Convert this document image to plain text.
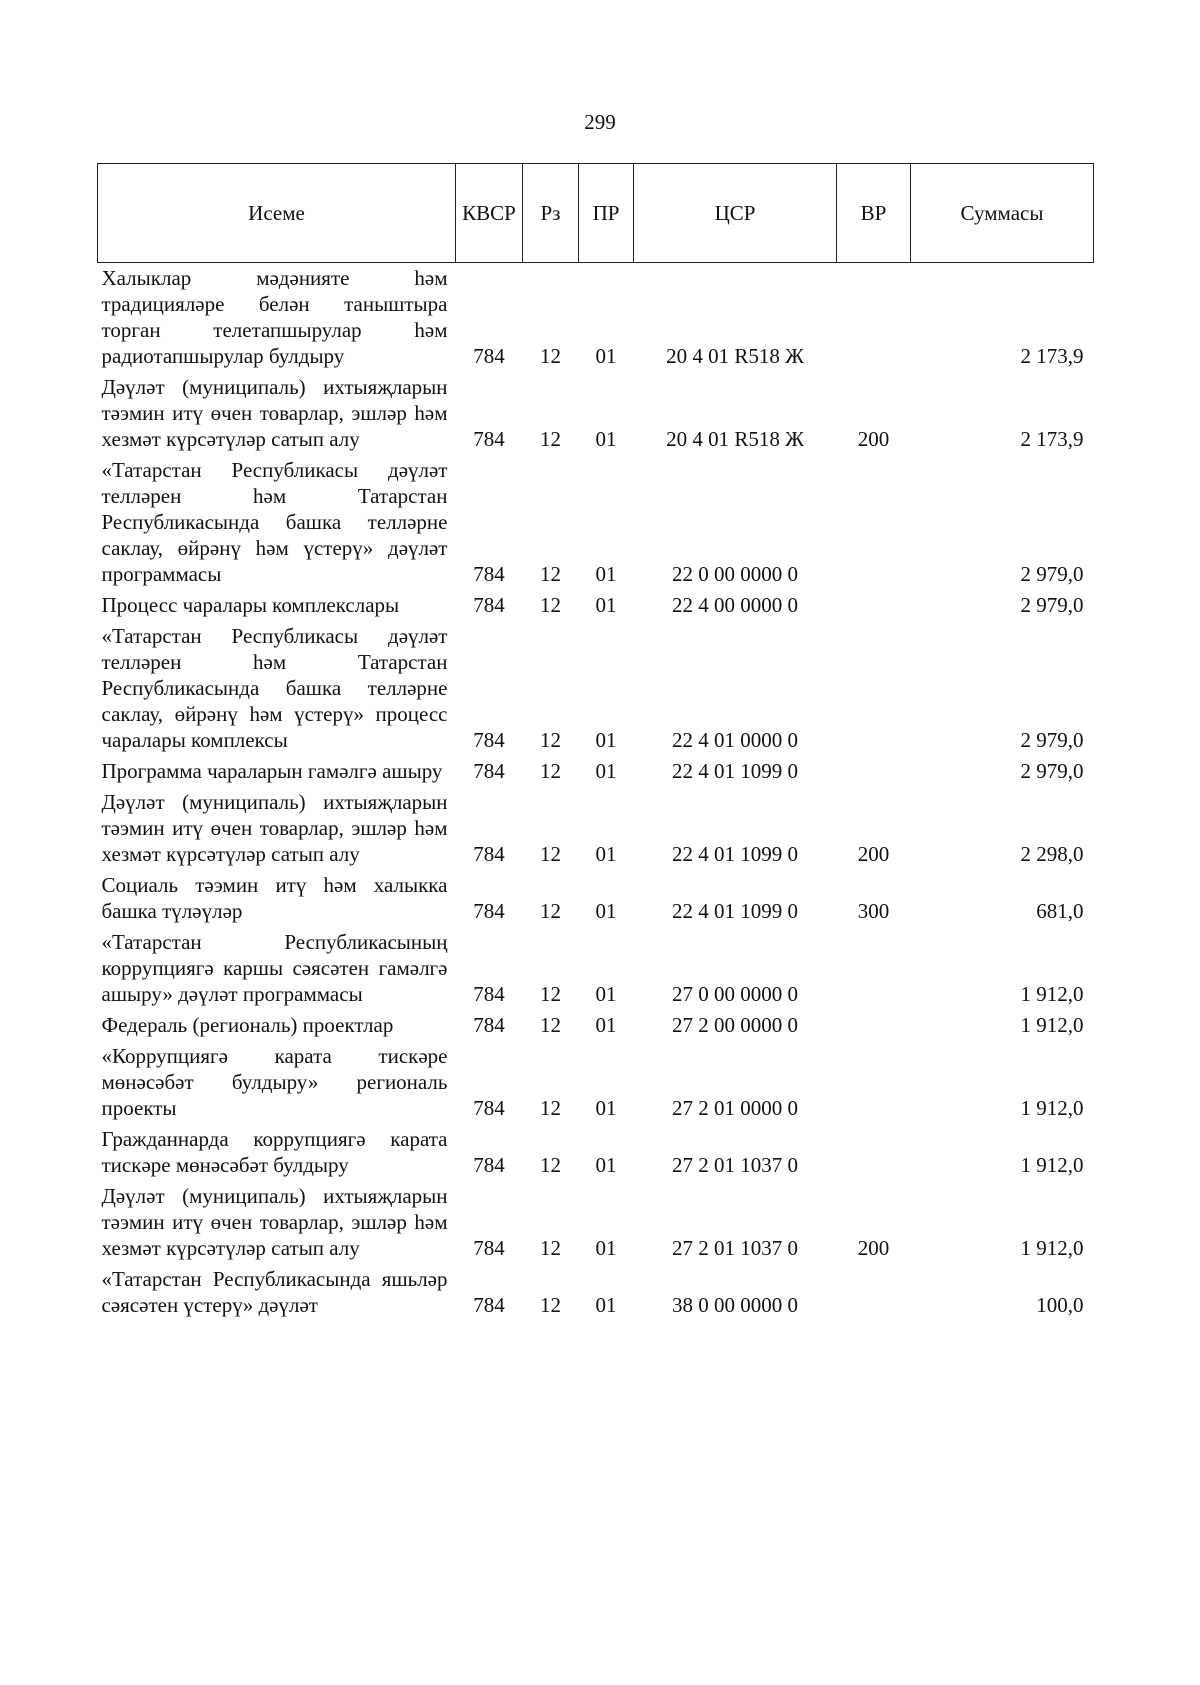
299
Исеме	КВСР	Рз	ПР	ЦСР	ВР	Суммасы
Халыклар мәдәнияте һәм традицияләре белән таныштыра торган телетапшырулар һәм радиотапшырулар булдыру	784	12	01	20 4 01 R518 Ж		2 173,9
Дәүләт (муниципаль) ихтыяҗларын тәэмин итү өчен товарлар, эшләр һәм хезмәт күрсәтүләр сатып алу	784	12	01	20 4 01 R518 Ж	200	2 173,9
«Татарстан Республикасы дәүләт телләрен һәм Татарстан Республикасында башка телләрне саклау, өйрәнү һәм үстерү» дәүләт программасы	784	12	01	22 0 00 0000 0		2 979,0
Процесс чаралары комплекслары	784	12	01	22 4 00 0000 0		2 979,0
«Татарстан Республикасы дәүләт телләрен һәм Татарстан Республикасында башка телләрне саклау, өйрәнү һәм үстерү» процесс чаралары комплексы	784	12	01	22 4 01 0000 0		2 979,0
Программа чараларын гамәлгә ашыру	784	12	01	22 4 01 1099 0		2 979,0
Дәүләт (муниципаль) ихтыяҗларын тәэмин итү өчен товарлар, эшләр һәм хезмәт күрсәтүләр сатып алу	784	12	01	22 4 01 1099 0	200	2 298,0
Социаль тәэмин итү һәм халыкка башка түләүләр	784	12	01	22 4 01 1099 0	300	681,0
«Татарстан Республикасының коррупциягә каршы сәясәтен гамәлгә ашыру» дәүләт программасы	784	12	01	27 0 00 0000 0		1 912,0
Федераль (региональ) проектлар	784	12	01	27 2 00 0000 0		1 912,0
«Коррупциягә карата тискәре мөнәсәбәт булдыру» региональ проекты	784	12	01	27 2 01 0000 0		1 912,0
Гражданнарда коррупциягә карата тискәре мөнәсәбәт булдыру	784	12	01	27 2 01 1037 0		1 912,0
Дәүләт (муниципаль) ихтыяҗларын тәэмин итү өчен товарлар, эшләр һәм хезмәт күрсәтүләр сатып алу	784	12	01	27 2 01 1037 0	200	1 912,0
«Татарстан Республикасында яшьләр сәясәтен үстерү» дәүләт	784	12	01	38 0 00 0000 0		100,0
